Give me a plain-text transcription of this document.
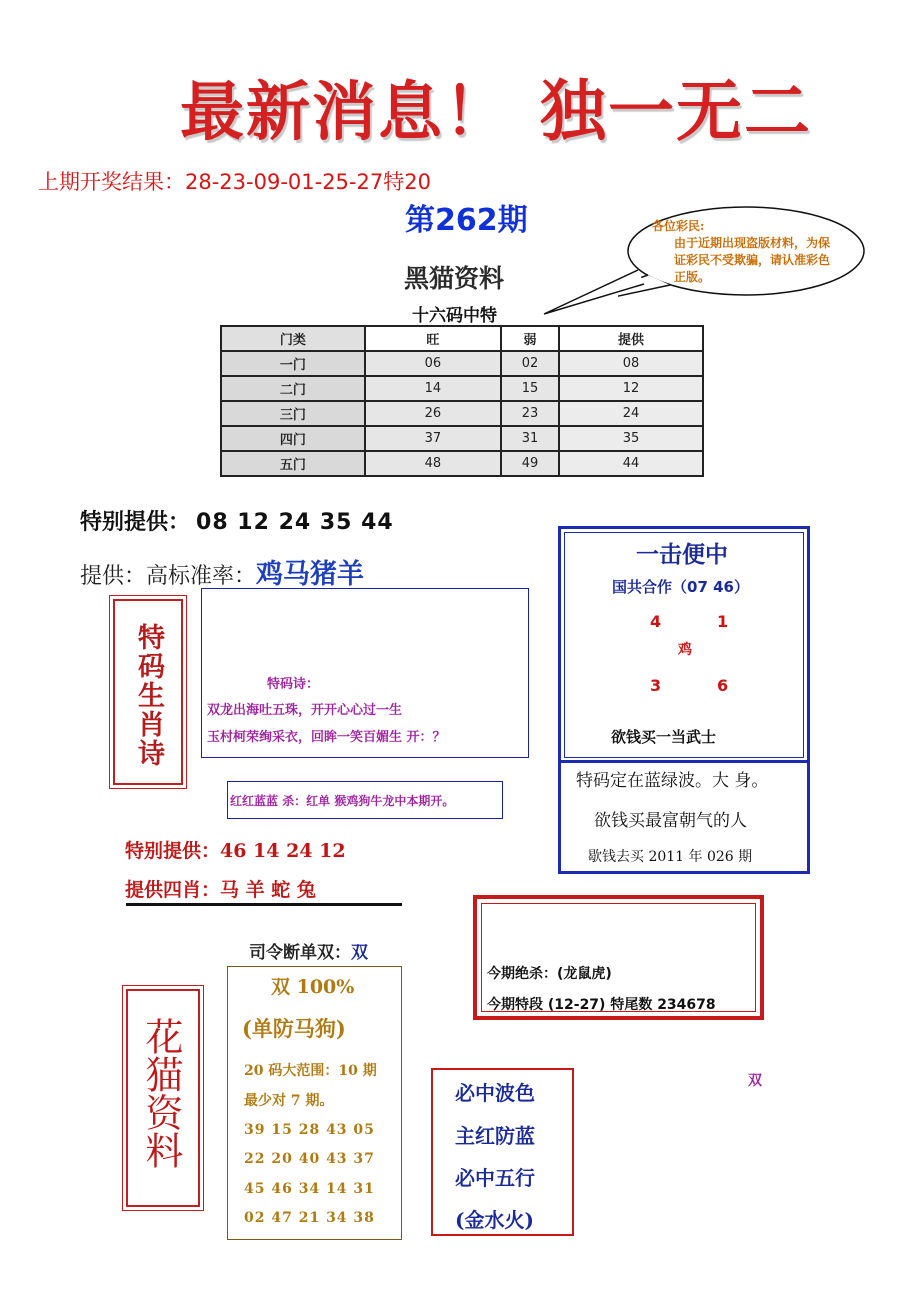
最新消息！ 独一无二
上期开奖结果：28-23-09-01-25-27特20
第262期	各位彩民:
由于近期出现盗版材料，为保证彩民不受欺骗，请认准彩色正版。
黑猫资料
十六码中特
门类	旺	弱	提供
一门	06	02	08
二门	14	15	12
三门	26	23	24
四门	37	31	35
五门	48	49	44
特别提供： 08 12 24 35 44
提供：高标准率：鸡马猪羊
特码生肖诗	特码诗：
双龙出海吐五珠，开开心心过一生
玉村柯荣绚采衣，回眸一笑百媚生 开：？
红红蓝蓝 杀：红单 猴鸡狗牛龙中本期开。
特别提供：46 14 24 12
提供四肖：马 羊 蛇 兔
一击便中
国共合作（07 46）
4	1
鸡
3	6
欲钱买一当武士
特码定在蓝绿波。大 身。
欲钱买最富朝气的人
歇钱去买 2011 年 026 期
今期绝杀：(龙鼠虎)
今期特段 (12-27) 特尾数 234678
司令断单双：双
花猫资料
双 100%
(单防马狗)
20 码大范围：10 期
最少对 7 期。
39 15 28 43 05
22 20 40 43 37
45 46 34 14 31
02 47 21 34 38
必中波色
主红防蓝
必中五行
(金水火)
双
